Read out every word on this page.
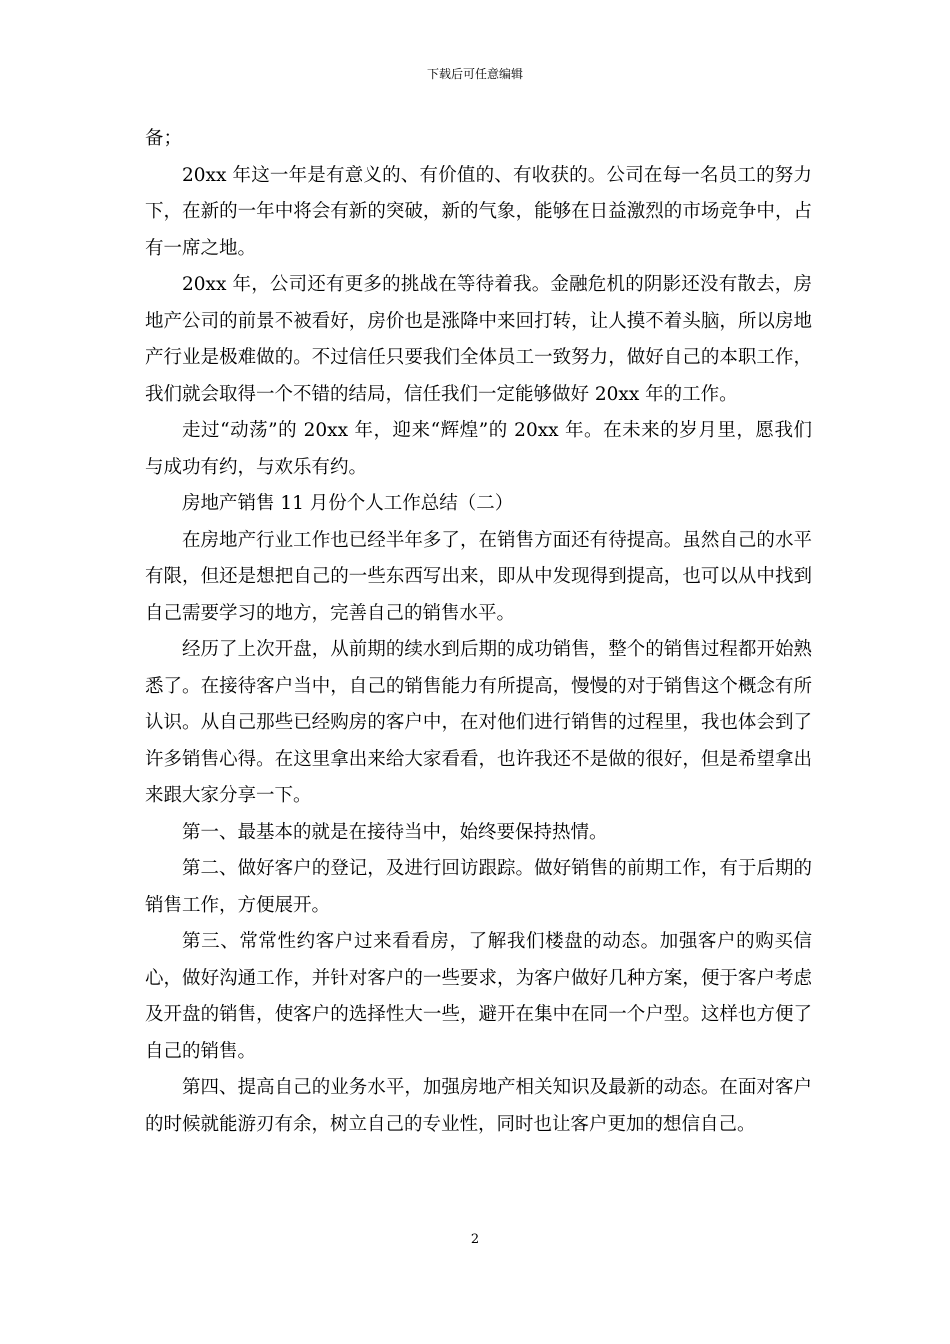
下载后可任意编辑

备；

20xx 年这一年是有意义的、有价值的、有收获的。公司在每一名员工的努力下，在新的一年中将会有新的突破，新的气象，能够在日益激烈的市场竞争中，占有一席之地。

20xx 年，公司还有更多的挑战在等待着我。金融危机的阴影还没有散去，房地产公司的前景不被看好，房价也是涨降中来回打转，让人摸不着头脑，所以房地产行业是极难做的。不过信任只要我们全体员工一致努力，做好自己的本职工作，我们就会取得一个不错的结局，信任我们一定能够做好 20xx 年的工作。

走过“动荡”的 20xx 年，迎来“辉煌”的 20xx 年。在未来的岁月里，愿我们与成功有约，与欢乐有约。

房地产销售 11 月份个人工作总结（二）

在房地产行业工作也已经半年多了，在销售方面还有待提高。虽然自己的水平有限，但还是想把自己的一些东西写出来，即从中发现得到提高，也可以从中找到自己需要学习的地方，完善自己的销售水平。

经历了上次开盘，从前期的续水到后期的成功销售，整个的销售过程都开始熟悉了。在接待客户当中，自己的销售能力有所提高，慢慢的对于销售这个概念有所认识。从自己那些已经购房的客户中，在对他们进行销售的过程里，我也体会到了许多销售心得。在这里拿出来给大家看看，也许我还不是做的很好，但是希望拿出来跟大家分享一下。

第一、最基本的就是在接待当中，始终要保持热情。

第二、做好客户的登记，及进行回访跟踪。做好销售的前期工作，有于后期的销售工作，方便展开。

第三、常常性约客户过来看看房，了解我们楼盘的动态。加强客户的购买信心，做好沟通工作，并针对客户的一些要求，为客户做好几种方案，便于客户考虑及开盘的销售，使客户的选择性大一些，避开在集中在同一个户型。这样也方便了自己的销售。

第四、提高自己的业务水平，加强房地产相关知识及最新的动态。在面对客户的时候就能游刃有余，树立自己的专业性，同时也让客户更加的想信自己。

2
